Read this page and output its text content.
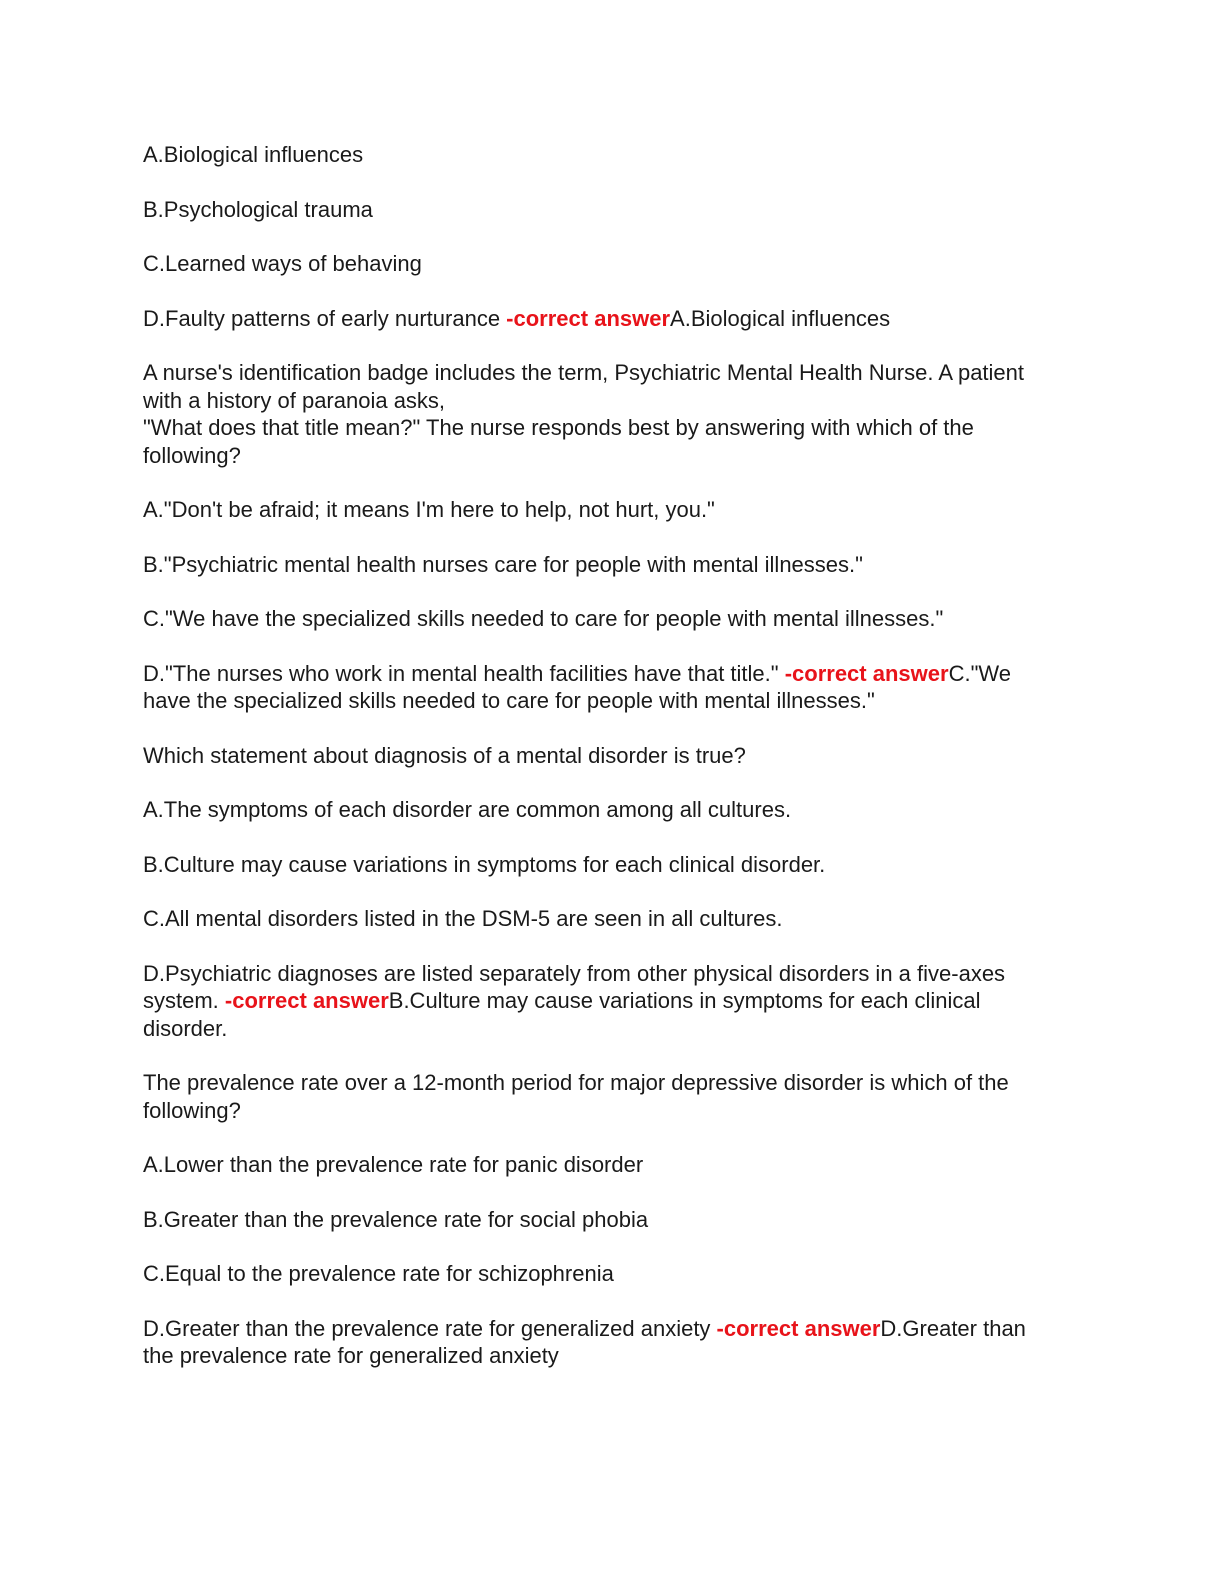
A.Biological influences

B.Psychological trauma

C.Learned ways of behaving

D.Faulty patterns of early nurturance -correct answerA.Biological influences

A nurse's identification badge includes the term, Psychiatric Mental Health Nurse. A patient with a history of paranoia asks,
"What does that title mean?" The nurse responds best by answering with which of the following?

A."Don't be afraid; it means I'm here to help, not hurt, you."

B."Psychiatric mental health nurses care for people with mental illnesses."

C."We have the specialized skills needed to care for people with mental illnesses."

D."The nurses who work in mental health facilities have that title." -correct answerC."We have the specialized skills needed to care for people with mental illnesses."

Which statement about diagnosis of a mental disorder is true?

A.The symptoms of each disorder are common among all cultures.

B.Culture may cause variations in symptoms for each clinical disorder.

C.All mental disorders listed in the DSM-5 are seen in all cultures.

D.Psychiatric diagnoses are listed separately from other physical disorders in a five-axes system. -correct answerB.Culture may cause variations in symptoms for each clinical disorder.

The prevalence rate over a 12-month period for major depressive disorder is which of the following?

A.Lower than the prevalence rate for panic disorder

B.Greater than the prevalence rate for social phobia

C.Equal to the prevalence rate for schizophrenia

D.Greater than the prevalence rate for generalized anxiety -correct answerD.Greater than the prevalence rate for generalized anxiety
